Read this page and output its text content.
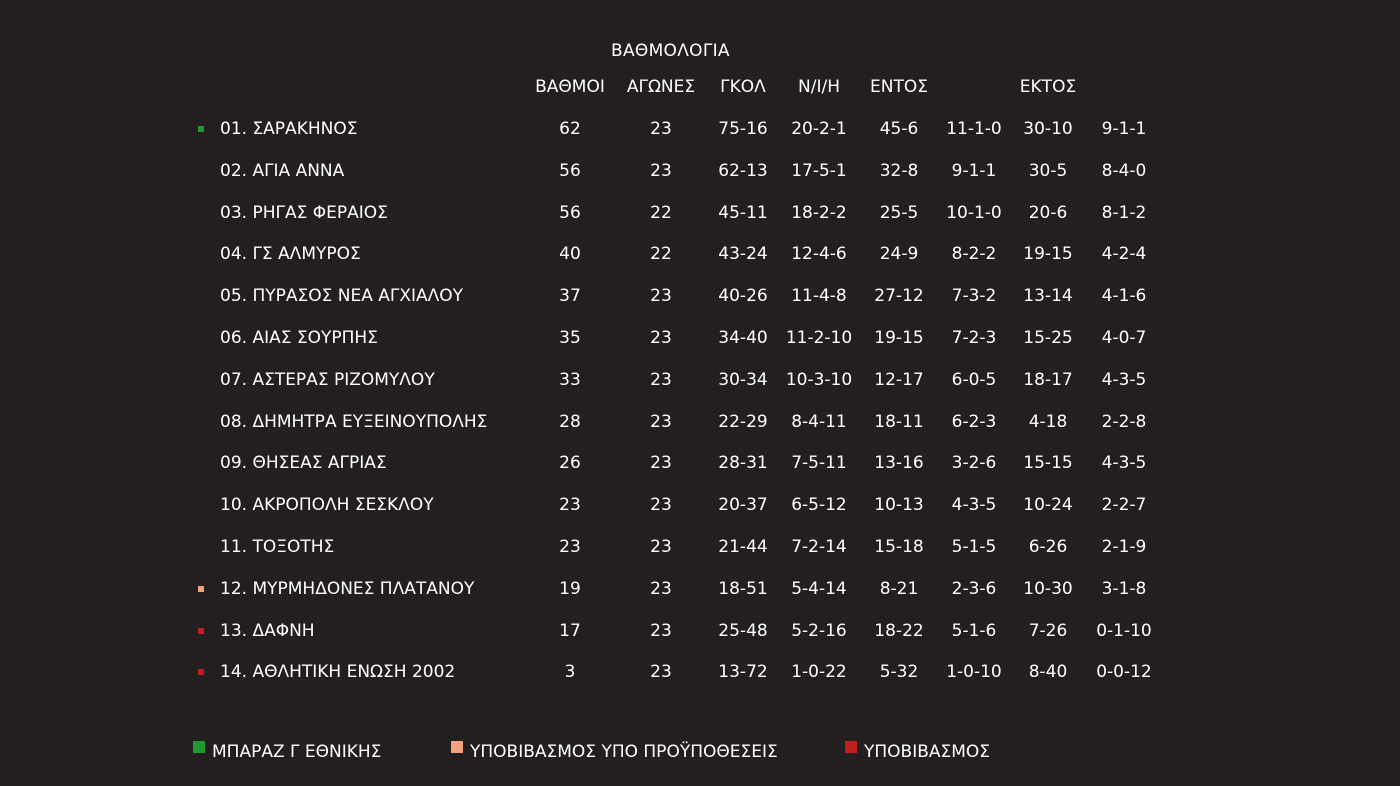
ΒΑΘΜΟΛΟΓΙΑ
ΒΑΘΜΟΙ	ΑΓΩΝΕΣ	ΓΚΟΛ	Ν/Ι/Η	ΕΝΤΟΣ	ΕΚΤΟΣ
01. ΣΑΡΑΚΗΝΟΣ	62	23	75-16	20-2-1	45-6	11-1-0	30-10	9-1-1
02. ΑΓΙΑ ΑΝΝΑ	56	23	62-13	17-5-1	32-8	9-1-1	30-5	8-4-0
03. ΡΗΓΑΣ ΦΕΡΑΙΟΣ	56	22	45-11	18-2-2	25-5	10-1-0	20-6	8-1-2
04. ΓΣ ΑΛΜΥΡΟΣ	40	22	43-24	12-4-6	24-9	8-2-2	19-15	4-2-4
05. ΠΥΡΑΣΟΣ ΝΕΑ ΑΓΧΙΑΛΟΥ	37	23	40-26	11-4-8	27-12	7-3-2	13-14	4-1-6
06. ΑΙΑΣ ΣΟΥΡΠΗΣ	35	23	34-40	11-2-10	19-15	7-2-3	15-25	4-0-7
07. ΑΣΤΕΡΑΣ ΡΙΖΟΜΥΛΟΥ	33	23	30-34	10-3-10	12-17	6-0-5	18-17	4-3-5
08. ΔΗΜΗΤΡΑ ΕΥΞΕΙΝΟΥΠΟΛΗΣ	28	23	22-29	8-4-11	18-11	6-2-3	4-18	2-2-8
09. ΘΗΣΕΑΣ ΑΓΡΙΑΣ	26	23	28-31	7-5-11	13-16	3-2-6	15-15	4-3-5
10. ΑΚΡΟΠΟΛΗ ΣΕΣΚΛΟΥ	23	23	20-37	6-5-12	10-13	4-3-5	10-24	2-2-7
11. ΤΟΞΟΤΗΣ	23	23	21-44	7-2-14	15-18	5-1-5	6-26	2-1-9
12. ΜΥΡΜΗΔΟΝΕΣ ΠΛΑΤΑΝΟΥ	19	23	18-51	5-4-14	8-21	2-3-6	10-30	3-1-8
13. ΔΑΦΝΗ	17	23	25-48	5-2-16	18-22	5-1-6	7-26	0-1-10
14. ΑΘΛΗΤΙΚΗ ΕΝΩΣΗ 2002	3	23	13-72	1-0-22	5-32	1-0-10	8-40	0-0-12
ΜΠΑΡΑΖ Γ ΕΘΝΙΚΗΣ	ΥΠΟΒΙΒΑΣΜΟΣ ΥΠΟ ΠΡΟΫΠΟΘΕΣΕΙΣ	ΥΠΟΒΙΒΑΣΜΟΣ
